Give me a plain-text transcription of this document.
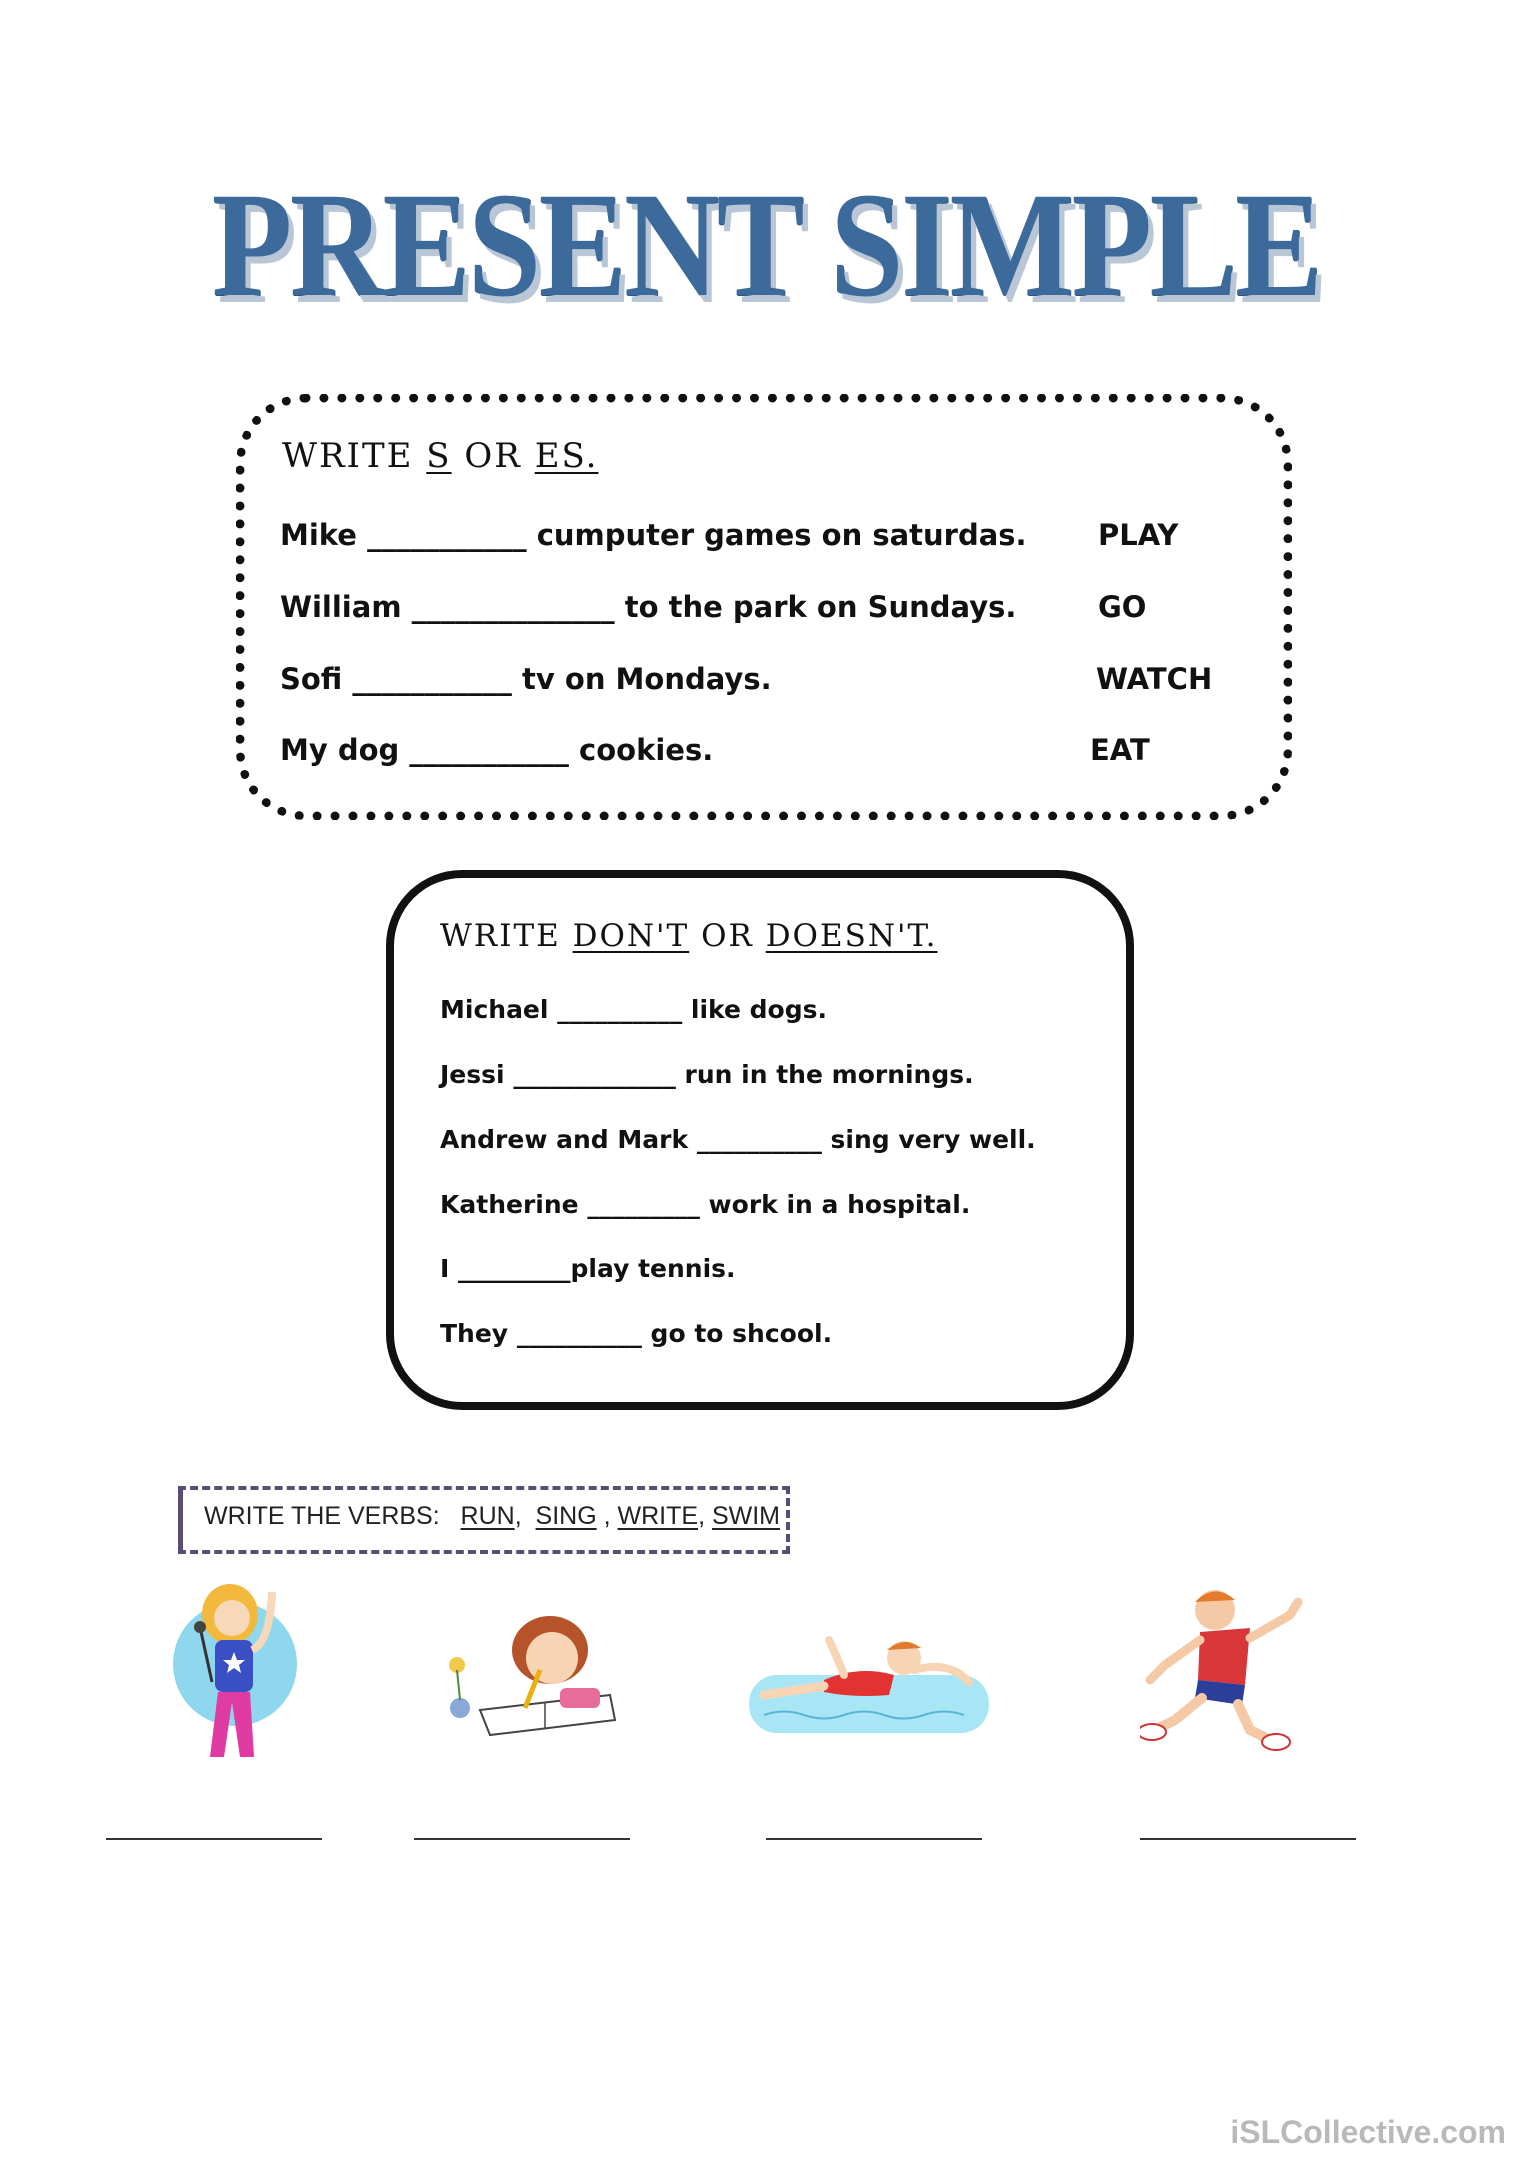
PRESENT SIMPLE
WRITE S OR ES.
Mike ___________ cumputer games on saturdas. PLAY
William ______________ to the park on Sundays.	GO
Sofi ___________ tv on Mondays.	WATCH
My dog ___________ cookies.	EAT
WRITE DON'T OR DOESN'T.
Michael __________ like dogs.
Jessi _____________ run in the mornings.
Andrew and Mark __________ sing very well.
Katherine _________ work in a hospital.
I _________play tennis.
They __________ go to shcool.
WRITE THE VERBS: RUN,  SING , WRITE, SWIM
iSLCollective.com
